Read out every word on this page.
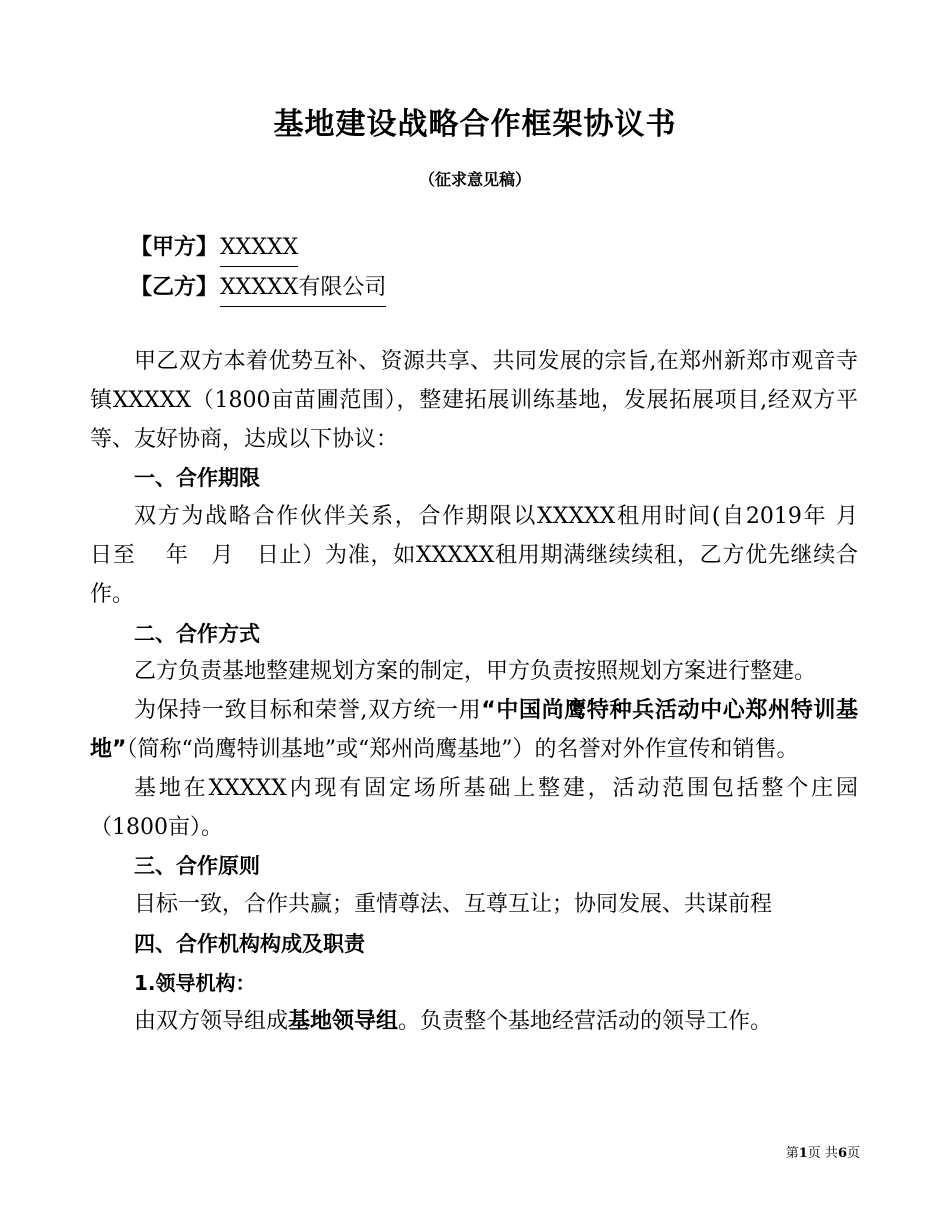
基地建设战略合作框架协议书
（征求意见稿）
【甲方】XXXXX
【乙方】XXXXX有限公司

甲乙双方本着优势互补、资源共享、共同发展的宗旨,在郑州新郑市观音寺镇XXXXX（1800亩苗圃范围），整建拓展训练基地，发展拓展项目,经双方平等、友好协商，达成以下协议：

一、合作期限

双方为战略合作伙伴关系，合作期限以XXXXX租用时间(自2019年 月　 日至　 年　月　日止）为准，如XXXXX租用期满继续续租，乙方优先继续合作。

二、合作方式

乙方负责基地整建规划方案的制定，甲方负责按照规划方案进行整建。

为保持一致目标和荣誉,双方统一用“中国尚鹰特种兵活动中心郑州特训基地”（简称“尚鹰特训基地”或“郑州尚鹰基地”）的名誉对外作宣传和销售。

基地在XXXXX内现有固定场所基础上整建，活动范围包括整个庄园（1800亩）。

三、合作原则

目标一致，合作共赢；重情尊法、互尊互让；协同发展、共谋前程

四、合作机构构成及职责
1.领导机构：

由双方领导组成基地领导组。负责整个基地经营活动的领导工作。

第1页 共6页
